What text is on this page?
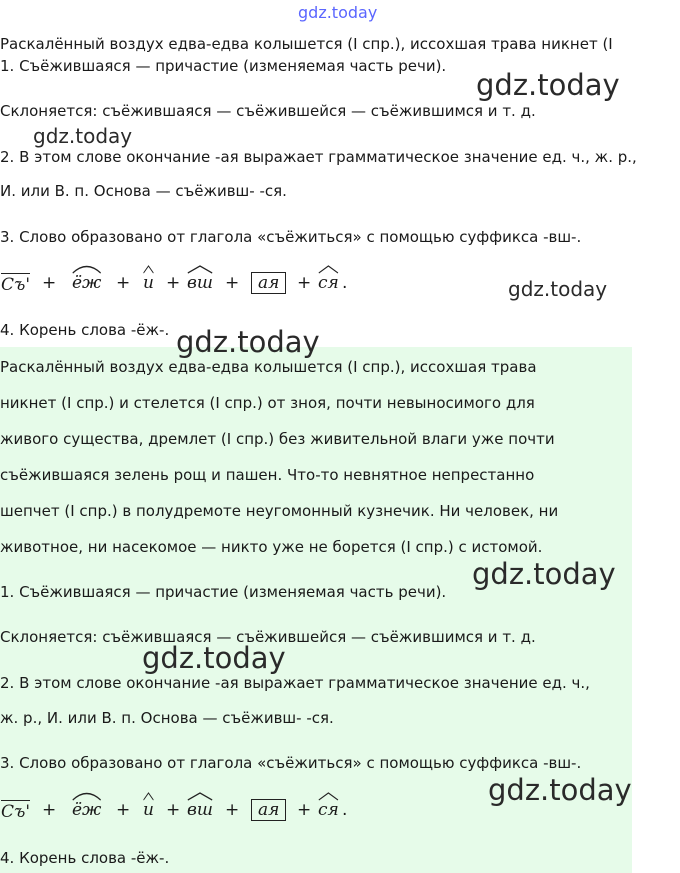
gdz.today
Раскалённый воздух едва-едва колышется (I спр.), иссохшая трава никнет (I
1. Съёжившаяся — причастие (изменяемая часть речи).
Склоняется: съёжившаяся — съёжившейся — съёжившимся и т. д.
2. В этом слове окончание -ая выражает грамматическое значение ед. ч., ж. р.,
И. или В. п. Основа — съёживш- -ся.
3. Слово образовано от глагола «съёжиться» с помощью суффикса -вш-.
Съ' + ёж + и + вш +	ая	+ ся .
4. Корень слова -ёж-.
Раскалённый воздух едва-едва колышется (I спр.), иссохшая трава
никнет (I спр.) и стелется (I спр.) от зноя, почти невыносимого для
живого существа, дремлет (I спр.) без живительной влаги уже почти
съёжившаяся зелень рощ и пашен. Что-то невнятное непрестанно
шепчет (I спр.) в полудремоте неугомонный кузнечик. Ни человек, ни
животное, ни насекомое — никто уже не борется (I спр.) с истомой.
1. Съёжившаяся — причастие (изменяемая часть речи).
Склоняется: съёжившаяся — съёжившейся — съёжившимся и т. д.
2. В этом слове окончание -ая выражает грамматическое значение ед. ч.,
ж. р., И. или В. п. Основа — съёживш- -ся.
3. Слово образовано от глагола «съёжиться» с помощью суффикса -вш-.
Съ' + ёж + и + вш +	ая	+ ся .
4. Корень слова -ёж-.
gdz.today
gdz.today
gdz.today
gdz.today
gdz.today
gdz.today
gdz.today
